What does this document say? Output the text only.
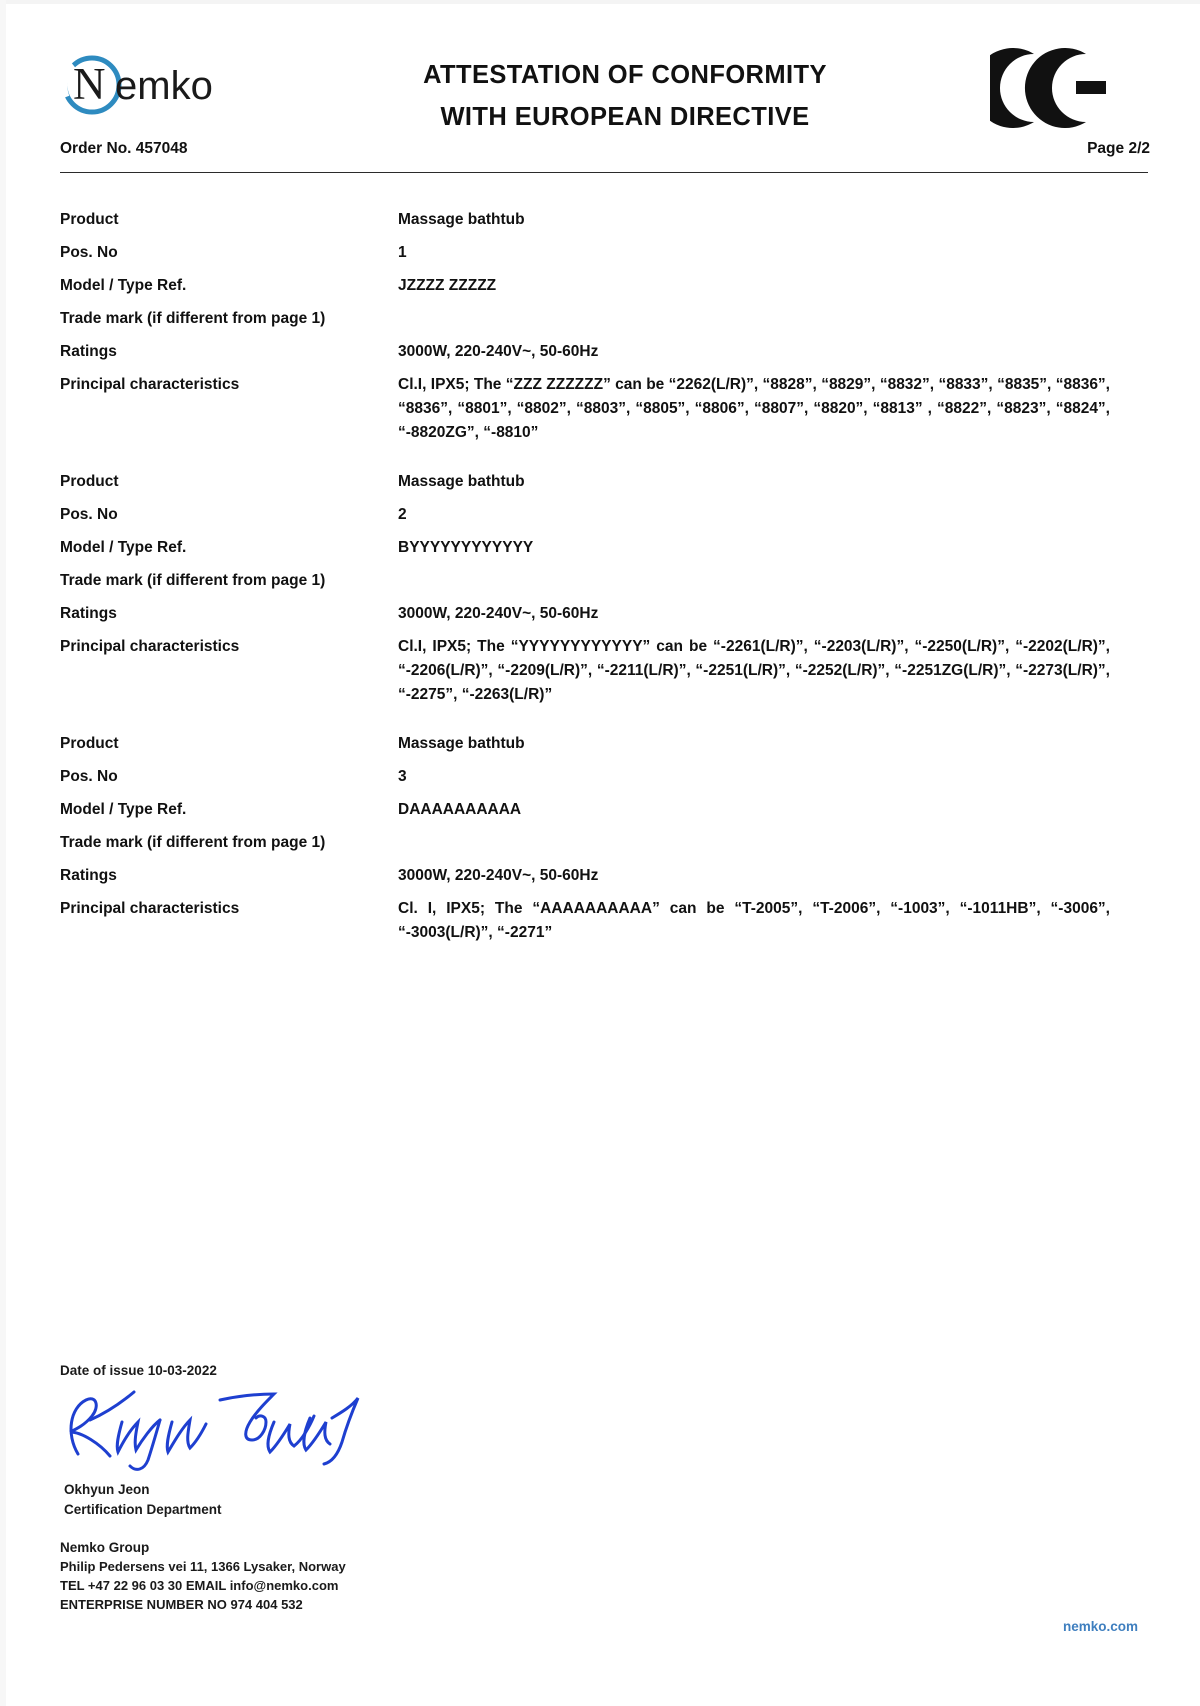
N emko	ATTESTATION OF CONFORMITY
WITH EUROPEAN DIRECTIVE
Order No. 457048	Page 2/2
Product	Massage bathtub
Pos. No	1
Model / Type Ref.	JZZZZ ZZZZZ
Trade mark (if different from page 1)
Ratings	3000W, 220-240V~, 50-60Hz
Principal characteristics	Cl.I, IPX5; The “ZZZ ZZZZZZ” can be “2262(L/R)”, “8828”, “8829”, “8832”, “8833”, “8835”, “8836”, “8836”, “8801”, “8802”, “8803”, “8805”, “8806”, “8807”, “8820”, “8813” , “8822”, “8823”, “8824”, “-8820ZG”, “-8810”
Product	Massage bathtub
Pos. No	2
Model / Type Ref.	BYYYYYYYYYYYY
Trade mark (if different from page 1)
Ratings	3000W, 220-240V~, 50-60Hz
Principal characteristics	Cl.I, IPX5; The “YYYYYYYYYYYY” can be “-2261(L/R)”, “-2203(L/R)”, “-2250(L/R)”, “-2202(L/R)”, “-2206(L/R)”, “-2209(L/R)”, “-2211(L/R)”, “-2251(L/R)”, “-2252(L/R)”, “-2251ZG(L/R)”, “-2273(L/R)”, “-2275”, “-2263(L/R)”
Product	Massage bathtub
Pos. No	3
Model / Type Ref.	DAAAAAAAAAA
Trade mark (if different from page 1)
Ratings	3000W, 220-240V~, 50-60Hz
Principal characteristics	Cl. I, IPX5; The “AAAAAAAAAA” can be “T-2005”, “T-2006”, “-1003”, “-1011HB”, “-3006”, “-3003(L/R)”, “-2271”
Date of issue 10-03-2022
Okhyun Jeon
Certification Department
Nemko Group
Philip Pedersens vei 11, 1366 Lysaker, Norway
TEL +47 22 96 03 30 EMAIL info@nemko.com
ENTERPRISE NUMBER NO 974 404 532
nemko.com
